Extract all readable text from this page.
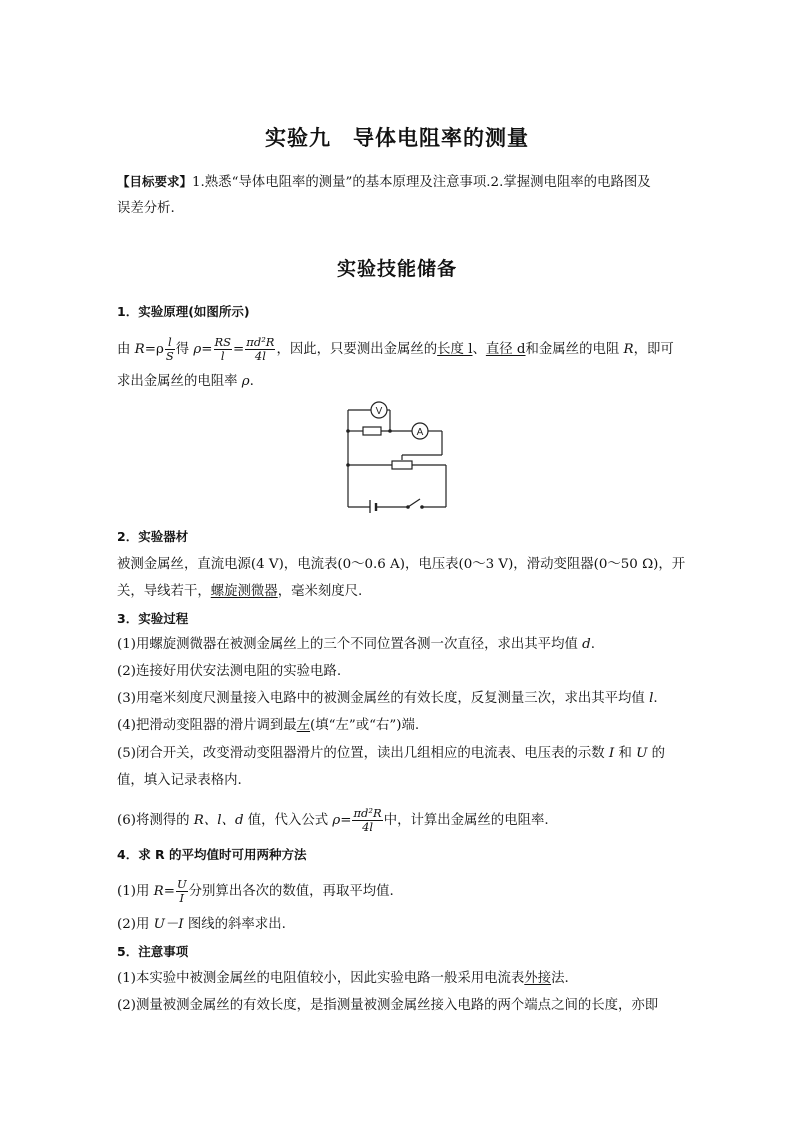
实验九　导体电阻率的测量
【目标要求】1.熟悉“导体电阻率的测量”的基本原理及注意事项.2.掌握测电阻率的电路图及
误差分析.
实验技能储备
1．实验原理(如图所示)
由 $R=\rho \frac{l}{S}$ 得 $\rho= \frac{RS}{l} = \frac{\text{πd²R}}{4l}$ ，因此，只要测出金属丝的长度 l、直径 d和金属丝的电阻 R，即可
求出金属丝的电阻率 ρ.
V
A
2．实验器材
被测金属丝，直流电源(4 V)，电流表(0～0.6 A)，电压表(0～3 V)，滑动变阻器(0～50 Ω)，开
关，导线若干，螺旋测微器，毫米刻度尺.
3．实验过程
(1)用螺旋测微器在被测金属丝上的三个不同位置各测一次直径，求出其平均值 d.
(2)连接好用伏安法测电阻的实验电路.
(3)用毫米刻度尺测量接入电路中的被测金属丝的有效长度，反复测量三次，求出其平均值 l.
(4)把滑动变阻器的滑片调到最左(填“左”或“右”)端.
(5)闭合开关，改变滑动变阻器滑片的位置，读出几组相应的电流表、电压表的示数 I 和 U 的
值，填入记录表格内.
(6)将测得的 R、l、d 值，代入公式 $\rho= \frac{\text{πd²R}}{4l}$ 中，计算出金属丝的电阻率.
4．求 R 的平均值时可用两种方法
(1)用 $R= \frac{U}{I}$ 分别算出各次的数值，再取平均值.
(2)用 U－I 图线的斜率求出.
5．注意事项
(1)本实验中被测金属丝的电阻值较小，因此实验电路一般采用电流表外接法.
(2)测量被测金属丝的有效长度，是指测量被测金属丝接入电路的两个端点之间的长度，亦即
